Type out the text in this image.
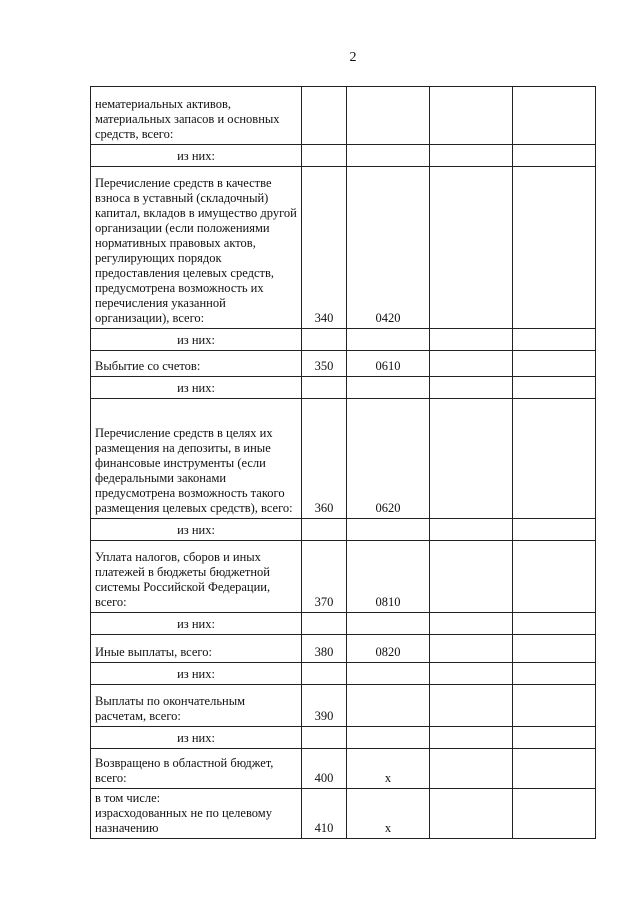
2
нематериальных активов, материальных запасов и основных средств, всего:				
из них:				
Перечисление средств в качестве взноса в уставный (складочный) капитал, вкладов в имущество другой организации (если положениями нормативных правовых актов, регулирующих порядок предоставления целевых средств, предусмотрена возможность их перечисления указанной организации), всего:	340	0420		
из них:				
Выбытие со счетов:	350	0610		
из них:				
Перечисление средств в целях их размещения на депозиты, в иные финансовые инструменты (если федеральными законами предусмотрена возможность такого размещения целевых средств), всего:	360	0620		
из них:				
Уплата налогов, сборов и иных платежей в бюджеты бюджетной системы Российской Федерации, всего:	370	0810		
из них:				
Иные выплаты, всего:	380	0820		
из них:				
Выплаты по окончательным расчетам, всего:	390			
из них:				
Возвращено в областной бюджет, всего:	400	x		

в том числе:
израсходованных не по целевому назначению	410	x		
